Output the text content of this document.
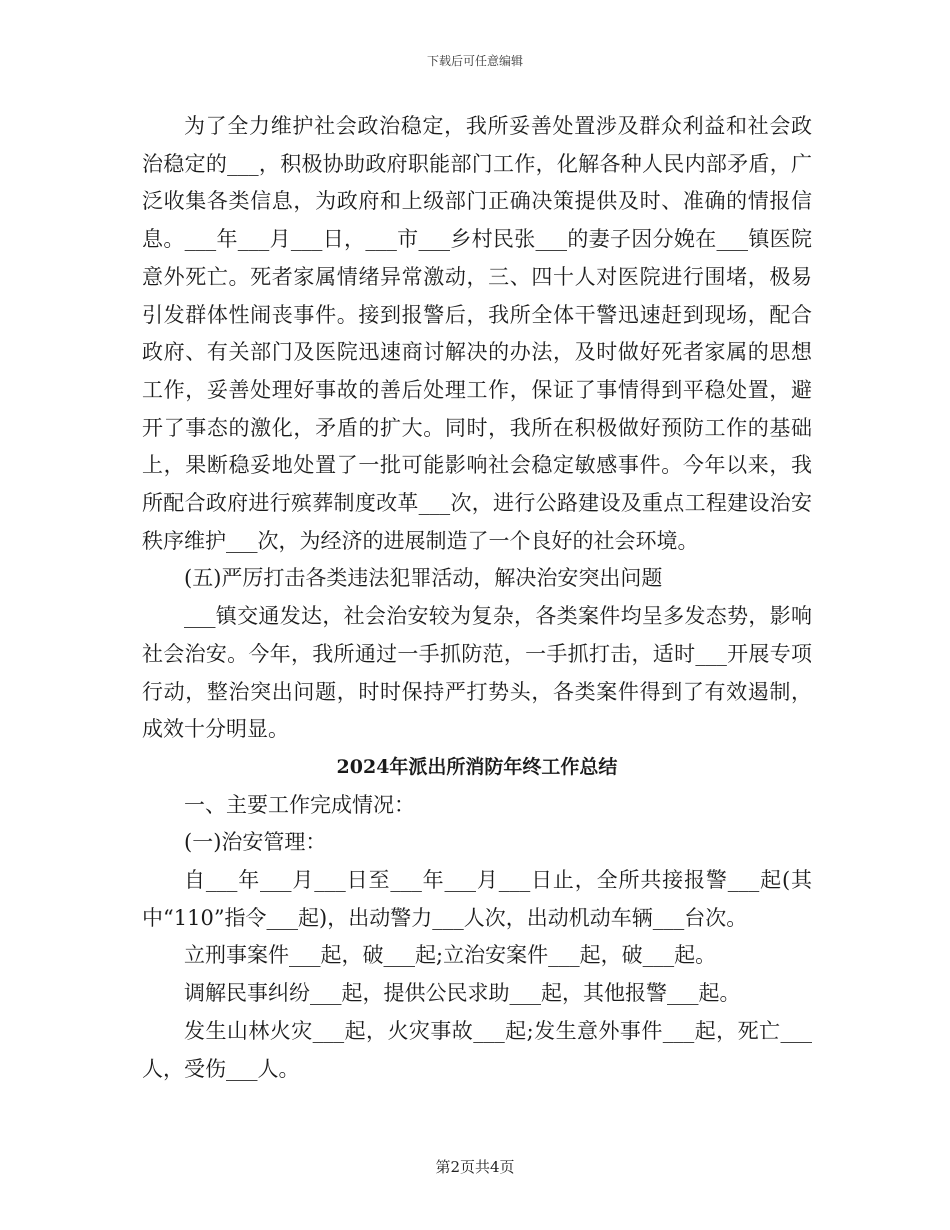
下载后可任意编辑

为了全力维护社会政治稳定，我所妥善处置涉及群众利益和社会政治稳定的___，积极协助政府职能部门工作，化解各种人民内部矛盾，广泛收集各类信息，为政府和上级部门正确决策提供及时、准确的情报信息。___年___月___日，___市___乡村民张___的妻子因分娩在___镇医院意外死亡。死者家属情绪异常激动，三、四十人对医院进行围堵，极易引发群体性闹丧事件。接到报警后，我所全体干警迅速赶到现场，配合政府、有关部门及医院迅速商讨解决的办法，及时做好死者家属的思想工作，妥善处理好事故的善后处理工作，保证了事情得到平稳处置，避开了事态的激化，矛盾的扩大。同时，我所在积极做好预防工作的基础上，果断稳妥地处置了一批可能影响社会稳定敏感事件。今年以来，我所配合政府进行殡葬制度改革___次，进行公路建设及重点工程建设治安秩序维护___次，为经济的进展制造了一个良好的社会环境。

(五)严厉打击各类违法犯罪活动，解决治安突出问题

___镇交通发达，社会治安较为复杂，各类案件均呈多发态势，影响社会治安。今年，我所通过一手抓防范，一手抓打击，适时___开展专项行动，整治突出问题，时时保持严打势头，各类案件得到了有效遏制，成效十分明显。

2024年派出所消防年终工作总结

一、主要工作完成情况：

(一)治安管理：

自___年___月___日至___年___月___日止，全所共接报警___起(其中“110”指令___起)，出动警力___人次，出动机动车辆___台次。

立刑事案件___起，破___起;立治安案件___起，破___起。

调解民事纠纷___起，提供公民求助___起，其他报警___起。

发生山林火灾___起，火灾事故___起;发生意外事件___起，死亡___人，受伤___人。

第2页共4页
